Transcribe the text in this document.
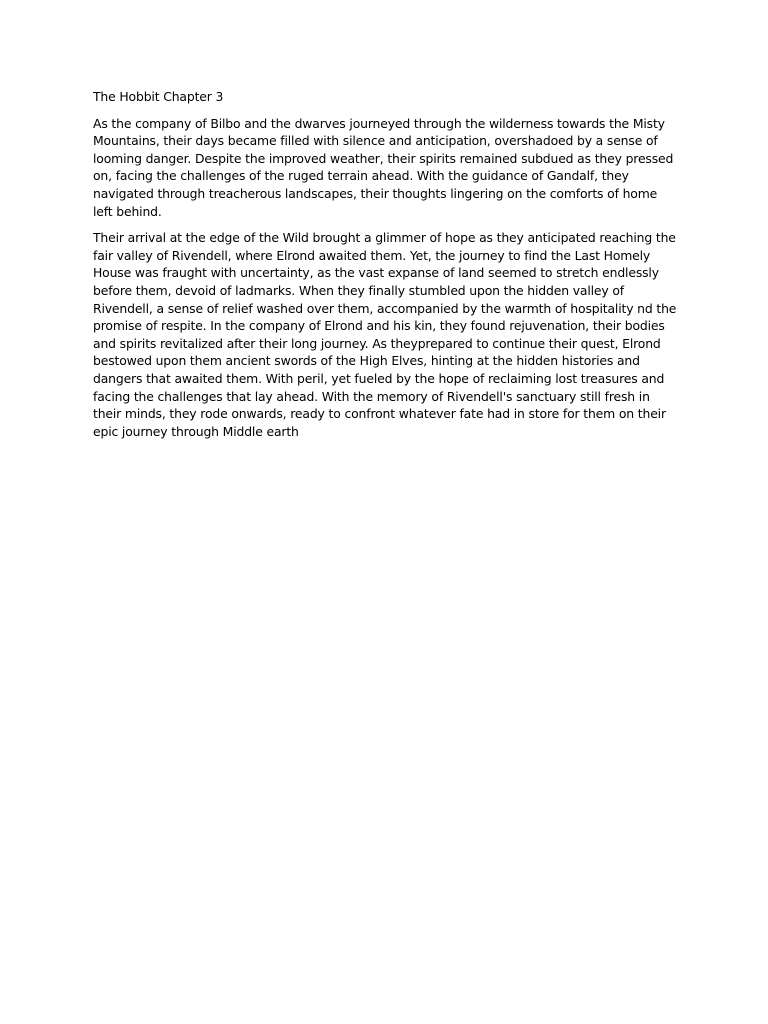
The Hobbit Chapter 3

As the company of Bilbo and the dwarves journeyed through the wilderness towards the Misty Mountains, their days became filled with silence and anticipation, overshadoed by a sense of looming danger. Despite the improved weather, their spirits remained subdued as they pressed on, facing the challenges of the ruged terrain ahead. With the guidance of Gandalf, they navigated through treacherous landscapes, their thoughts lingering on the comforts of home left behind.

Their arrival at the edge of the Wild brought a glimmer of hope as they anticipated reaching the fair valley of Rivendell, where Elrond awaited them. Yet, the journey to find the Last Homely House was fraught with uncertainty, as the vast expanse of land seemed to stretch endlessly before them, devoid of ladmarks. When they finally stumbled upon the hidden valley of Rivendell, a sense of relief washed over them, accompanied by the warmth of hospitality nd the promise of respite. In the company of Elrond and his kin, they found rejuvenation, their bodies and spirits revitalized after their long journey. As theyprepared to continue their quest, Elrond bestowed upon them ancient swords of the High Elves, hinting at the hidden histories and dangers that awaited them. With peril, yet fueled by the hope of reclaiming lost treasures and facing the challenges that lay ahead. With the memory of Rivendell's sanctuary still fresh in their minds, they rode onwards, ready to confront whatever fate had in store for them on their epic journey through Middle earth
